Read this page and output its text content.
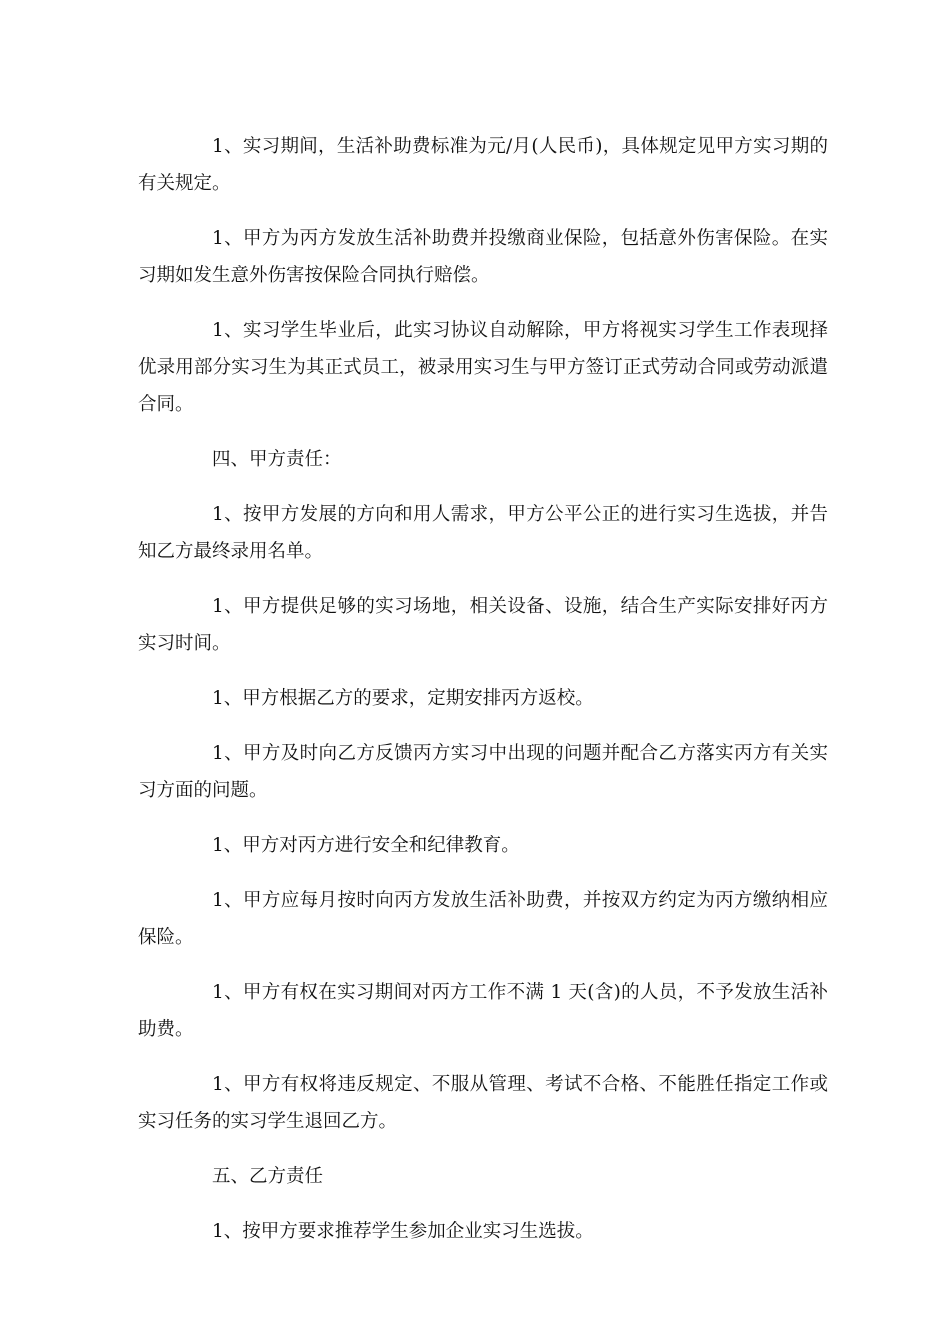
1、实习期间，生活补助费标准为元/月(人民币)，具体规定见甲方实习期的有关规定。

1、甲方为丙方发放生活补助费并投缴商业保险，包括意外伤害保险。在实习期如发生意外伤害按保险合同执行赔偿。

1、实习学生毕业后，此实习协议自动解除，甲方将视实习学生工作表现择优录用部分实习生为其正式员工，被录用实习生与甲方签订正式劳动合同或劳动派遣合同。

四、甲方责任：

1、按甲方发展的方向和用人需求，甲方公平公正的进行实习生选拔，并告知乙方最终录用名单。

1、甲方提供足够的实习场地，相关设备、设施，结合生产实际安排好丙方实习时间。

1、甲方根据乙方的要求，定期安排丙方返校。

1、甲方及时向乙方反馈丙方实习中出现的问题并配合乙方落实丙方有关实习方面的问题。

1、甲方对丙方进行安全和纪律教育。

1、甲方应每月按时向丙方发放生活补助费，并按双方约定为丙方缴纳相应保险。

1、甲方有权在实习期间对丙方工作不满 1 天(含)的人员，不予发放生活补助费。

1、甲方有权将违反规定、不服从管理、考试不合格、不能胜任指定工作或实习任务的实习学生退回乙方。

五、乙方责任

1、按甲方要求推荐学生参加企业实习生选拔。
